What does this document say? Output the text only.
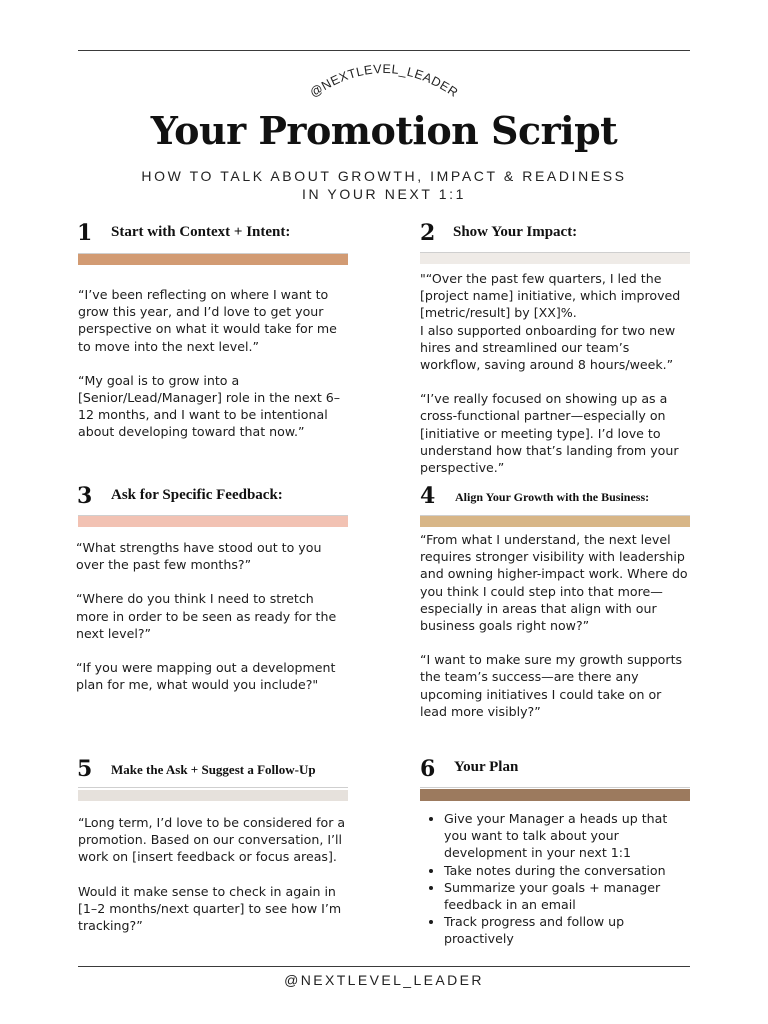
@NEXTLEVEL_LEADER
Your Promotion Script
HOW TO TALK ABOUT GROWTH, IMPACT & READINESS
IN YOUR NEXT 1:1
1 Start with Context + Intent:

“I’ve been reflecting on where I want to grow this year, and I’d love to get your perspective on what it would take for me to move into the next level.”

“My goal is to grow into a [Senior/Lead/Manager] role in the next 6–12 months, and I want to be intentional about developing toward that now.”

2 Show Your Impact:

"“Over the past few quarters, I led the [project name] initiative, which improved [metric/result] by [XX]%.
I also supported onboarding for two new hires and streamlined our team’s workflow, saving around 8 hours/week.”

“I’ve really focused on showing up as a cross-functional partner—especially on [initiative or meeting type]. I’d love to understand how that’s landing from your perspective.”

3 Ask for Specific Feedback:

“What strengths have stood out to you over the past few months?”

“Where do you think I need to stretch more in order to be seen as ready for the next level?”

“If you were mapping out a development plan for me, what would you include?"

4 Align Your Growth with the Business:

“From what I understand, the next level requires stronger visibility with leadership and owning higher-impact work. Where do you think I could step into that more—especially in areas that align with our business goals right now?”

“I want to make sure my growth supports the team’s success—are there any upcoming initiatives I could take on or lead more visibly?”

5 Make the Ask + Suggest a Follow-Up

“Long term, I’d love to be considered for a promotion. Based on our conversation, I’ll work on [insert feedback or focus areas].

Would it make sense to check in again in [1–2 months/next quarter] to see how I’m tracking?”

6 Your Plan
• Give your Manager a heads up that you want to talk about your development in your next 1:1
• Take notes during the conversation
• Summarize your goals + manager feedback in an email
• Track progress and follow up proactively
@NEXTLEVEL_LEADER
